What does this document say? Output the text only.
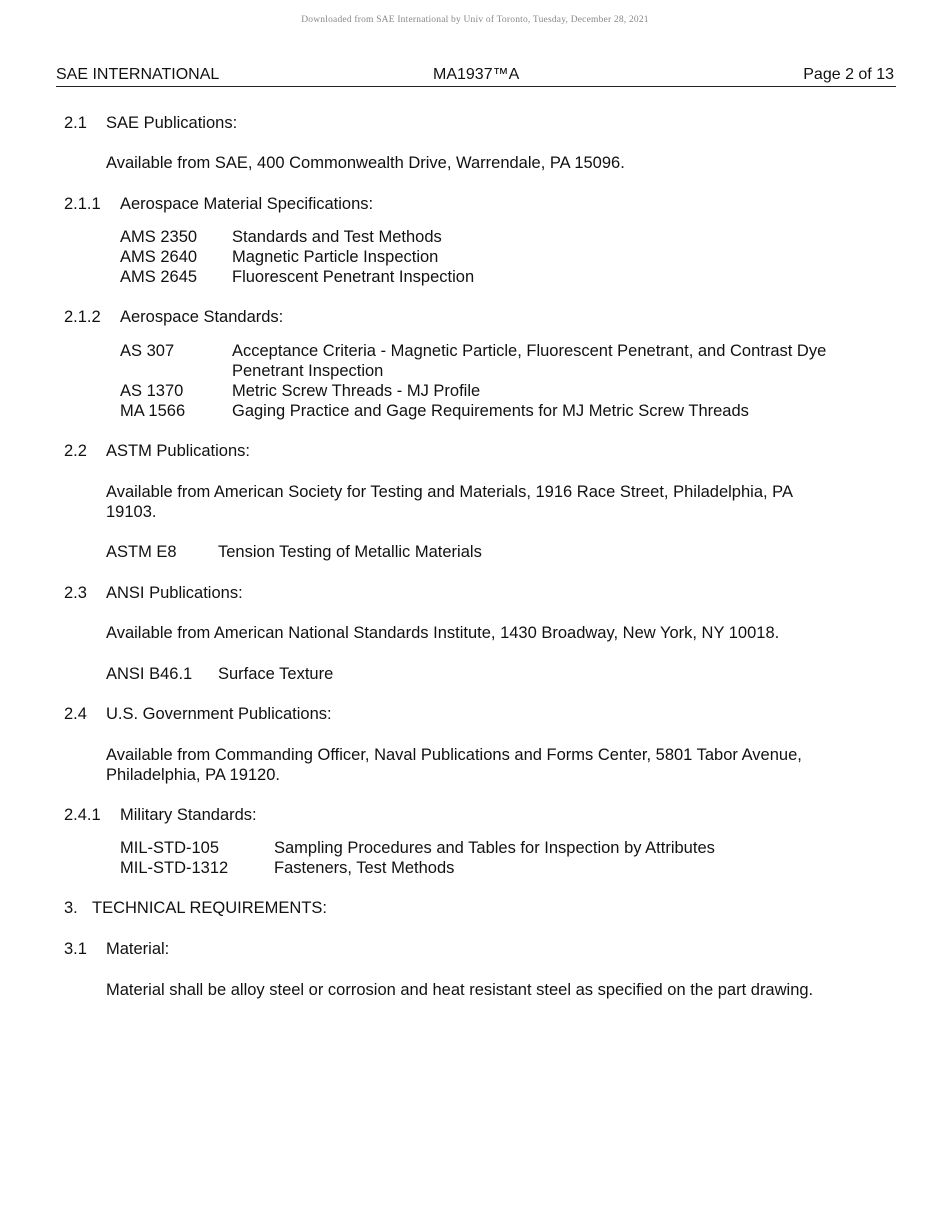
Downloaded from SAE International by Univ of Toronto, Tuesday, December 28, 2021
SAE INTERNATIONAL	MA1937™A	Page 2 of 13
2.1 SAE Publications:
Available from SAE, 400 Commonwealth Drive, Warrendale, PA 15096.
2.1.1 Aerospace Material Specifications:
AMS 2350 Standards and Test Methods
AMS 2640 Magnetic Particle Inspection
AMS 2645 Fluorescent Penetrant Inspection
2.1.2 Aerospace Standards:
AS 307	Acceptance Criteria - Magnetic Particle, Fluorescent Penetrant, and Contrast Dye
Penetrant Inspection
AS 1370	Metric Screw Threads - MJ Profile
MA 1566	Gaging Practice and Gage Requirements for MJ Metric Screw Threads
2.2 ASTM Publications:
Available from American Society for Testing and Materials, 1916 Race Street, Philadelphia, PA 19103.
ASTM E8	Tension Testing of Metallic Materials
2.3 ANSI Publications:
Available from American National Standards Institute, 1430 Broadway, New York, NY 10018.
ANSI B46.1 Surface Texture
2.4 U.S. Government Publications:
Available from Commanding Officer, Naval Publications and Forms Center, 5801 Tabor Avenue, Philadelphia, PA 19120.
2.4.1 Military Standards:
MIL-STD-105	Sampling Procedures and Tables for Inspection by Attributes
MIL-STD-1312	Fasteners, Test Methods
3. TECHNICAL REQUIREMENTS:
3.1 Material:
Material shall be alloy steel or corrosion and heat resistant steel as specified on the part drawing.
